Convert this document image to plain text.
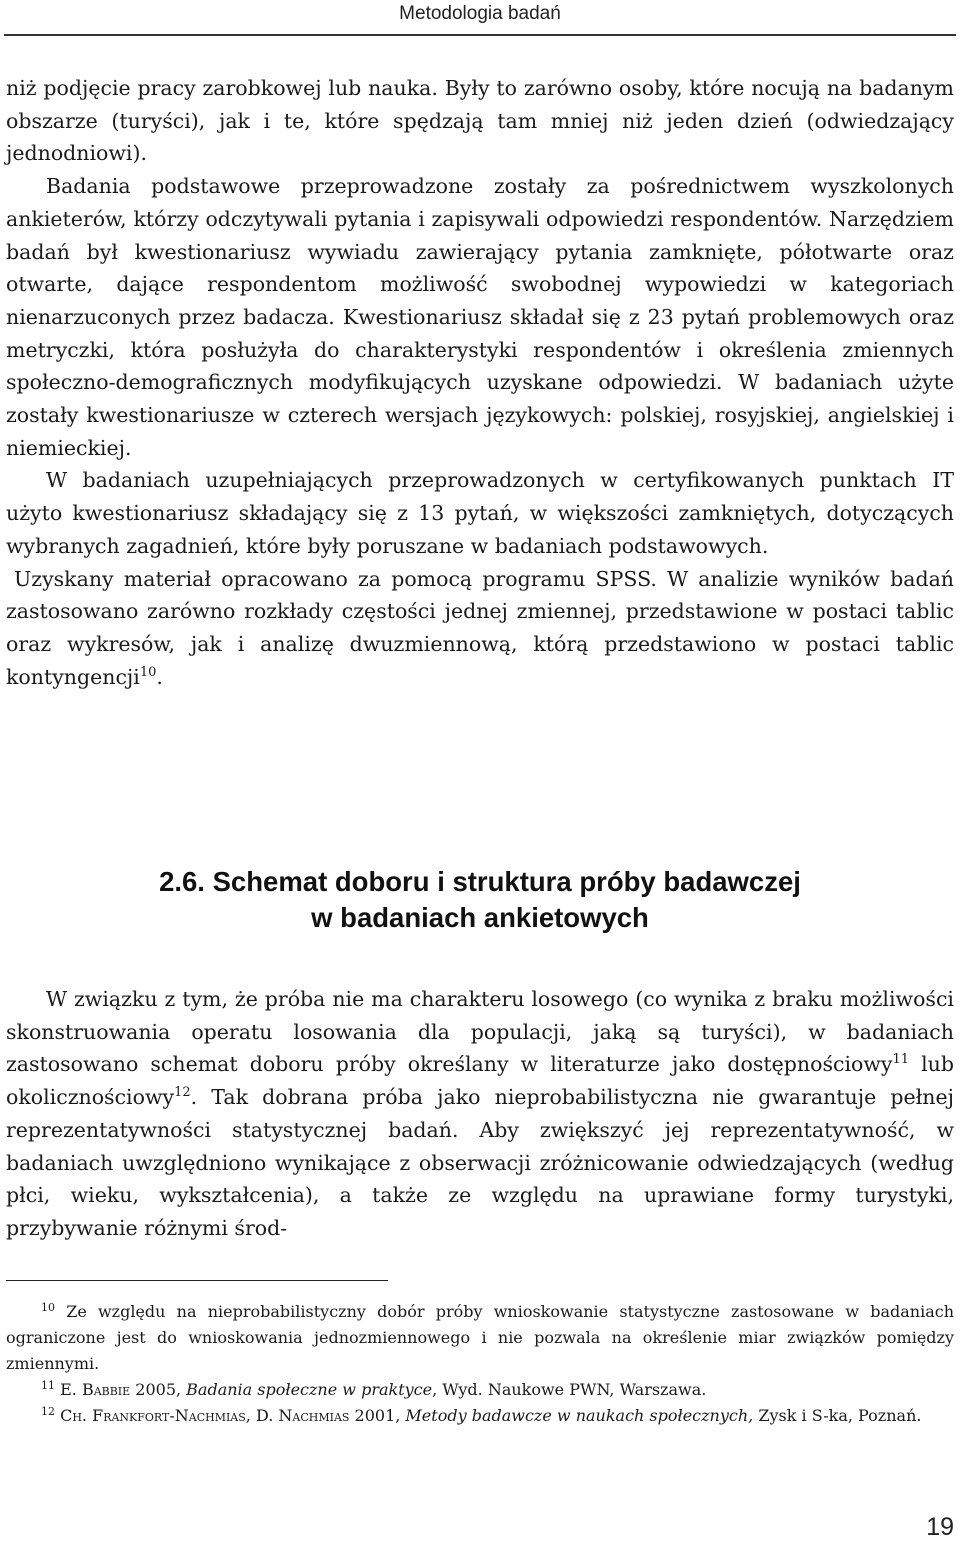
Metodologia badań

niż podjęcie pracy zarobkowej lub nauka. Były to zarówno osoby, które nocują na badanym obszarze (turyści), jak i te, które spędzają tam mniej niż jeden dzień (odwiedzający jednodniowi).

Badania podstawowe przeprowadzone zostały za pośrednictwem wyszkolonych ankieterów, którzy odczytywali pytania i zapisywali odpowiedzi respondentów. Narzędziem badań był kwestionariusz wywiadu zawierający pytania zamknięte, półotwarte oraz otwarte, dające respondentom możliwość swobodnej wypowiedzi w kategoriach nienarzuconych przez badacza. Kwestionariusz składał się z 23 pytań problemowych oraz metryczki, która posłużyła do charakterystyki respondentów i określenia zmiennych społeczno-demograficznych modyfikujących uzyskane odpowiedzi. W badaniach użyte zostały kwestionariusze w czterech wersjach językowych: polskiej, rosyjskiej, angielskiej i niemieckiej.

W badaniach uzupełniających przeprowadzonych w certyfikowanych punktach IT użyto kwestionariusz składający się z 13 pytań, w większości zamkniętych, dotyczących wybranych zagadnień, które były poruszane w badaniach podstawowych.

Uzyskany materiał opracowano za pomocą programu SPSS. W analizie wyników badań zastosowano zarówno rozkłady częstości jednej zmiennej, przedstawione w postaci tablic oraz wykresów, jak i analizę dwuzmiennową, którą przedstawiono w postaci tablic kontyngencji$^{10}$.

2.6. Schemat doboru i struktura próby badawczej
w badaniach ankietowych

W związku z tym, że próba nie ma charakteru losowego (co wynika z braku możliwości skonstruowania operatu losowania dla populacji, jaką są turyści), w badaniach zastosowano schemat doboru próby określany w literaturze jako dostępnościowy$^{11}$ lub okolicznościowy$^{12}$. Tak dobrana próba jako nieprobabilistyczna nie gwarantuje pełnej reprezentatywności statystycznej badań. Aby zwiększyć jej reprezentatywność, w badaniach uwzględniono wynikające z obserwacji zróżnicowanie odwiedzających (według płci, wieku, wykształcenia), a także ze względu na uprawiane formy turystyki, przybywanie różnymi środ-

$^{10}$ Ze względu na nieprobabilistyczny dobór próby wnioskowanie statystyczne zastosowane w badaniach ograniczone jest do wnioskowania jednozmiennowego i nie pozwala na określenie miar związków pomiędzy zmiennymi.

$^{11}$ E. Babbie 2005, Badania społeczne w praktyce, Wyd. Naukowe PWN, Warszawa.

$^{12}$ Ch. Frankfort-Nachmias, D. Nachmias 2001, Metody badawcze w naukach społecznych, Zysk i S-ka, Poznań.

19
